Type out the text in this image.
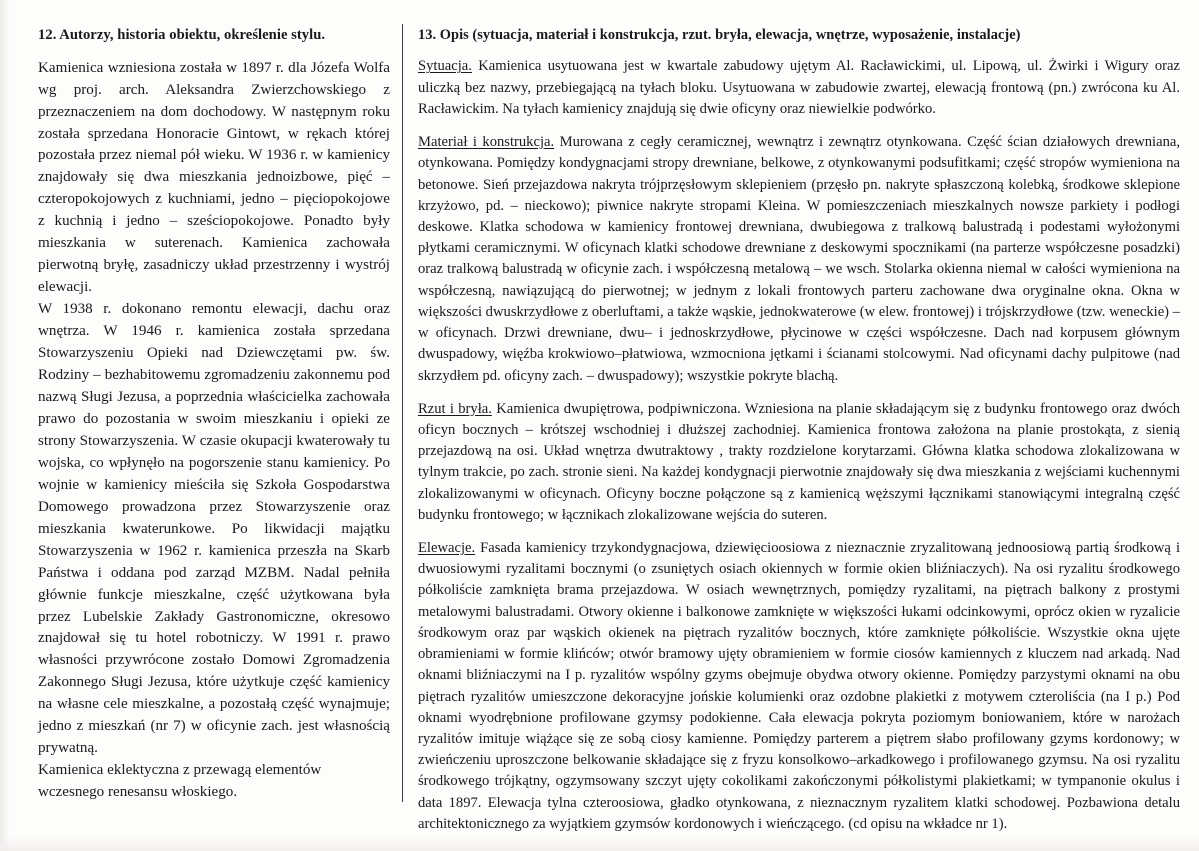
12. Autorzy, historia obiektu, określenie stylu.

Kamienica wzniesiona została w 1897 r. dla Józefa Wolfa wg proj. arch. Aleksandra Zwierzchowskiego z przeznaczeniem na dom dochodowy. W następnym roku została sprzedana Honoracie Gintowt, w rękach której pozostała przez niemal pół wieku. W 1936 r. w kamienicy znajdowały się dwa mieszkania jednoizbowe, pięć – czteropokojowych z kuchniami, jedno – pięciopokojowe z kuchnią i jedno – sześciopokojowe. Ponadto były mieszkania w suterenach. Kamienica zachowała pierwotną bryłę, zasadniczy układ przestrzenny i wystrój elewacji.

W 1938 r. dokonano remontu elewacji, dachu oraz wnętrza. W 1946 r. kamienica została sprzedana Stowarzyszeniu Opieki nad Dziewczętami pw. św. Rodziny – bezhabitowemu zgromadzeniu zakonnemu pod nazwą Sługi Jezusa, a poprzednia właścicielka zachowała prawo do pozostania w swoim mieszkaniu i opieki ze strony Stowarzyszenia. W czasie okupacji kwaterowały tu wojska, co wpłynęło na pogorszenie stanu kamienicy. Po wojnie w kamienicy mieściła się Szkoła Gospodarstwa Domowego prowadzona przez Stowarzyszenie oraz mieszkania kwaterunkowe. Po likwidacji majątku Stowarzyszenia w 1962 r. kamienica przeszła na Skarb Państwa i oddana pod zarząd MZBM. Nadal pełniła głównie funkcje mieszkalne, część użytkowana była przez Lubelskie Zakłady Gastronomiczne, okresowo znajdował się tu hotel robotniczy. W 1991 r. prawo własności przywrócone zostało Domowi Zgromadzenia Zakonnego Sługi Jezusa, które użytkuje część kamienicy na własne cele mieszkalne, a pozostałą część wynajmuje; jedno z mieszkań (nr 7) w oficynie zach. jest własnością prywatną.

Kamienica eklektyczna z przewagą elementów wczesnego renesansu włoskiego.

13. Opis (sytuacja, materiał i konstrukcja, rzut. bryła, elewacja, wnętrze, wyposażenie, instalacje)

Sytuacja. Kamienica usytuowana jest w kwartale zabudowy ujętym Al. Racławickimi, ul. Lipową, ul. Żwirki i Wigury oraz uliczką bez nazwy, przebiegającą na tyłach bloku. Usytuowana w zabudowie zwartej, elewacją frontową (pn.) zwrócona ku Al. Racławickim. Na tyłach kamienicy znajdują się dwie oficyny oraz niewielkie podwórko.

Materiał i konstrukcja. Murowana z cegły ceramicznej, wewnątrz i zewnątrz otynkowana. Część ścian działowych drewniana, otynkowana. Pomiędzy kondygnacjami stropy drewniane, belkowe, z otynkowanymi podsufitkami; część stropów wymieniona na betonowe. Sień przejazdowa nakryta trójprzęsłowym sklepieniem (przęsło pn. nakryte spłaszczoną kolebką, środkowe sklepione krzyżowo, pd. – nieckowo); piwnice nakryte stropami Kleina. W pomieszczeniach mieszkalnych nowsze parkiety i podłogi deskowe. Klatka schodowa w kamienicy frontowej drewniana, dwubiegowa z tralkową balustradą i podestami wyłożonymi płytkami ceramicznymi. W oficynach klatki schodowe drewniane z deskowymi spocznikami (na parterze współczesne posadzki) oraz tralkową balustradą w oficynie zach. i współczesną metalową – we wsch. Stolarka okienna niemal w całości wymieniona na współczesną, nawiązującą do pierwotnej; w jednym z lokali frontowych parteru zachowane dwa oryginalne okna. Okna w większości dwuskrzydłowe z oberluftami, a także wąskie, jednokwaterowe (w elew. frontowej) i trójskrzydłowe (tzw. weneckie) – w oficynach. Drzwi drewniane, dwu– i jednoskrzydłowe, płycinowe w części współczesne. Dach nad korpusem głównym dwuspadowy, więźba krokwiowo–płatwiowa, wzmocniona jętkami i ścianami stolcowymi. Nad oficynami dachy pulpitowe (nad skrzydłem pd. oficyny zach. – dwuspadowy); wszystkie pokryte blachą.

Rzut i bryła. Kamienica dwupiętrowa, podpiwniczona. Wzniesiona na planie składającym się z budynku frontowego oraz dwóch oficyn bocznych – krótszej wschodniej i dłuższej zachodniej. Kamienica frontowa założona na planie prostokąta, z sienią przejazdową na osi. Układ wnętrza dwutraktowy , trakty rozdzielone korytarzami. Główna klatka schodowa zlokalizowana w tylnym trakcie, po zach. stronie sieni. Na każdej kondygnacji pierwotnie znajdowały się dwa mieszkania z wejściami kuchennymi zlokalizowanymi w oficynach. Oficyny boczne połączone są z kamienicą węższymi łącznikami stanowiącymi integralną część budynku frontowego; w łącznikach zlokalizowane wejścia do suteren.

Elewacje. Fasada kamienicy trzykondygnacjowa, dziewięcioosiowa z nieznacznie zryzalitowaną jednoosiową partią środkową i dwuosiowymi ryzalitami bocznymi (o zsuniętych osiach okiennych w formie okien bliźniaczych). Na osi ryzalitu środkowego półkoliście zamknięta brama przejazdowa. W osiach wewnętrznych, pomiędzy ryzalitami, na piętrach balkony z prostymi metalowymi balustradami. Otwory okienne i balkonowe zamknięte w większości łukami odcinkowymi, oprócz okien w ryzalicie środkowym oraz par wąskich okienek na piętrach ryzalitów bocznych, które zamknięte półkoliście. Wszystkie okna ujęte obramieniami w formie klińców; otwór bramowy ujęty obramieniem w formie ciosów kamiennych z kluczem nad arkadą. Nad oknami bliźniaczymi na I p. ryzalitów wspólny gzyms obejmuje obydwa otwory okienne. Pomiędzy parzystymi oknami na obu piętrach ryzalitów umieszczone dekoracyjne jońskie kolumienki oraz ozdobne plakietki z motywem czteroliścia (na I p.) Pod oknami wyodrębnione profilowane gzymsy podokienne. Cała elewacja pokryta poziomym boniowaniem, które w narożach ryzalitów imituje wiążące się ze sobą ciosy kamienne. Pomiędzy parterem a piętrem słabo profilowany gzyms kordonowy; w zwieńczeniu uproszczone belkowanie składające się z fryzu konsolkowo–arkadkowego i profilowanego gzymsu. Na osi ryzalitu środkowego trójkątny, ogzymsowany szczyt ujęty cokolikami zakończonymi półkolistymi plakietkami; w tympanonie okulus i data 1897. Elewacja tylna czteroosiowa, gładko otynkowana, z nieznacznym ryzalitem klatki schodowej. Pozbawiona detalu architektonicznego za wyjątkiem gzymsów kordonowych i wieńczącego. (cd opisu na wkładce nr 1).
